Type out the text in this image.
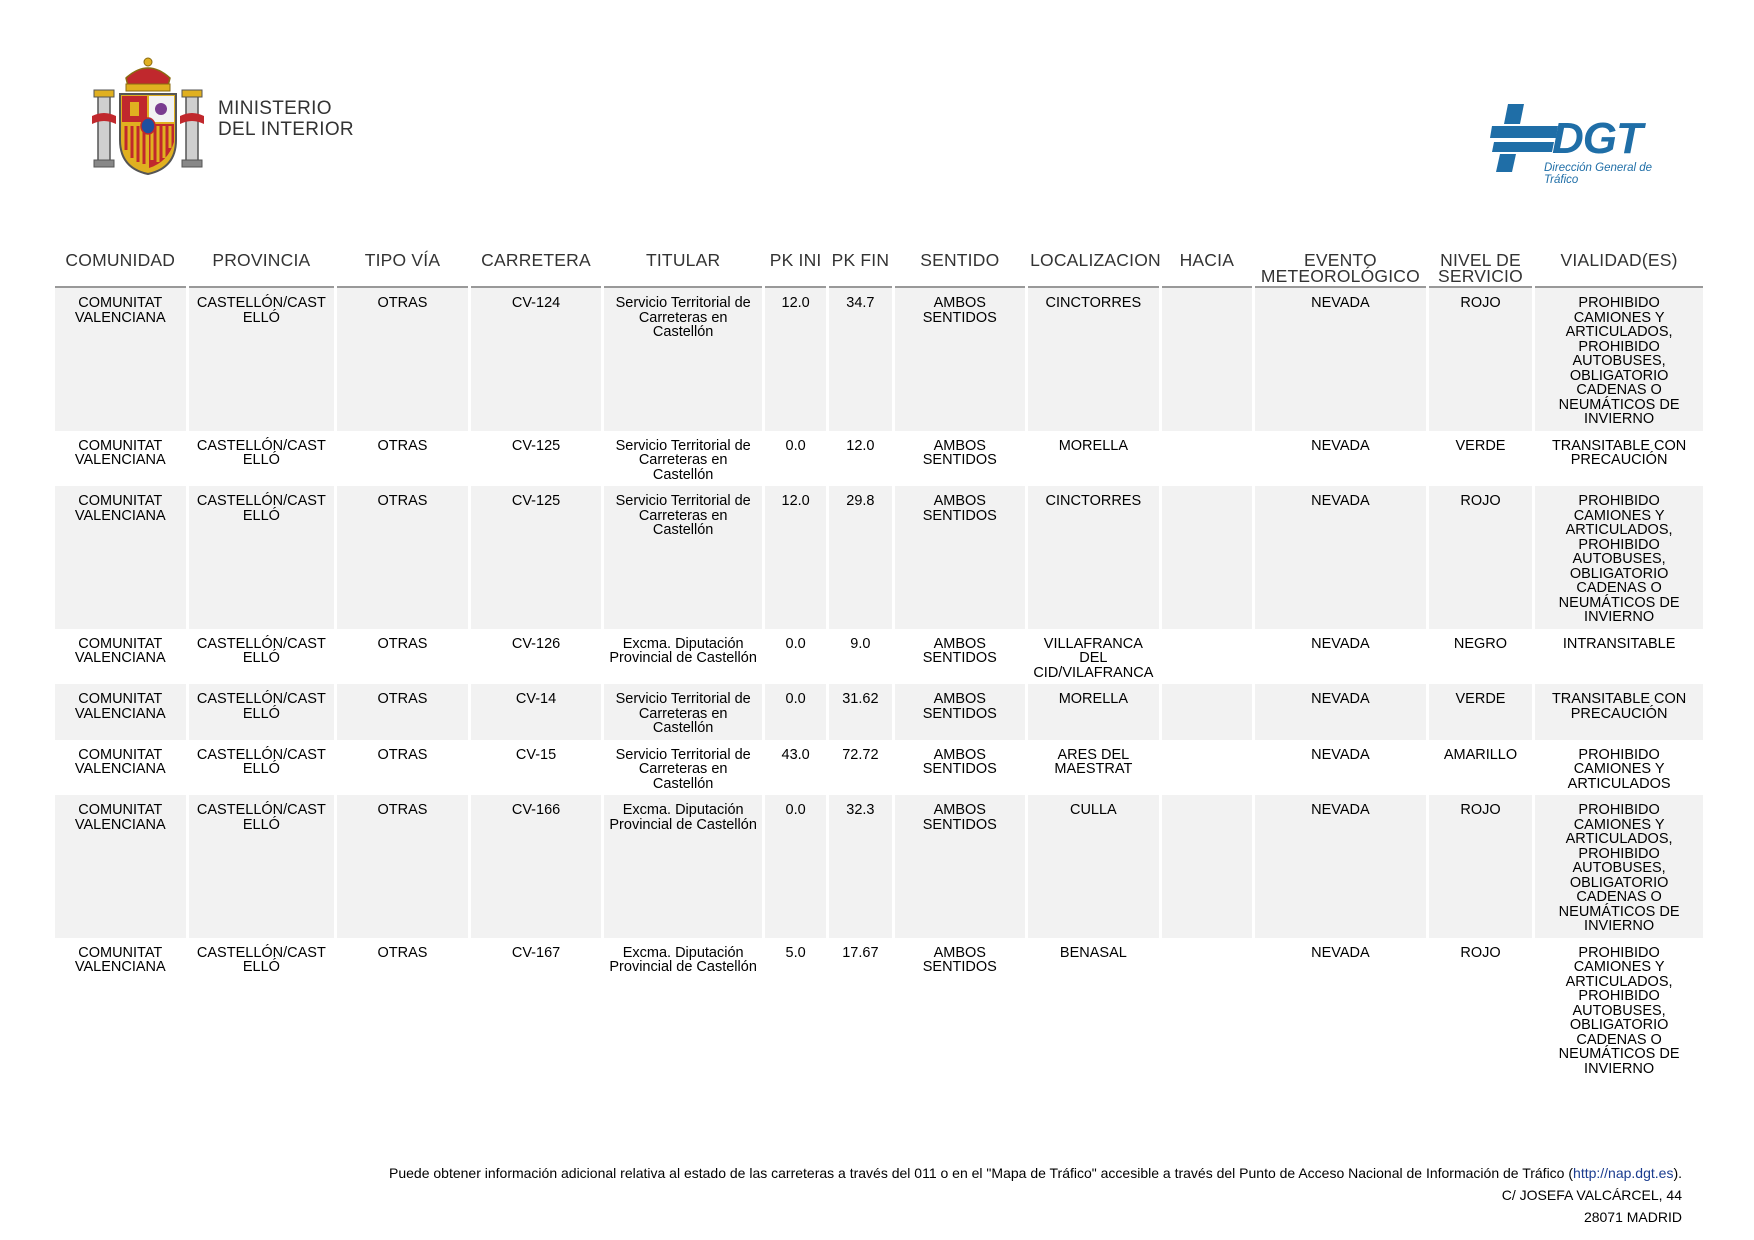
MINISTERIO
DEL INTERIOR	DGT
Dirección General de Tráfico
COMUNIDAD	PROVINCIA	TIPO VÍA	CARRETERA	TITULAR	PK INI	PK FIN	SENTIDO	LOCALIZACION	HACIA	EVENTO METEOROLÓGICO	NIVEL DE SERVICIO	VIALIDAD(ES)
COMUNITAT VALENCIANA	CASTELLÓN/CASTELLÓ	OTRAS	CV-124	Servicio Territorial de Carreteras en Castellón	12.0	34.7	AMBOS SENTIDOS	CINCTORRES		NEVADA	ROJO	PROHIBIDO CAMIONES Y ARTICULADOS, PROHIBIDO AUTOBUSES, OBLIGATORIO CADENAS O NEUMÁTICOS DE INVIERNO
COMUNITAT VALENCIANA	CASTELLÓN/CASTELLÓ	OTRAS	CV-125	Servicio Territorial de Carreteras en Castellón	0.0	12.0	AMBOS SENTIDOS	MORELLA		NEVADA	VERDE	TRANSITABLE CON PRECAUCIÓN
COMUNITAT VALENCIANA	CASTELLÓN/CASTELLÓ	OTRAS	CV-125	Servicio Territorial de Carreteras en Castellón	12.0	29.8	AMBOS SENTIDOS	CINCTORRES		NEVADA	ROJO	PROHIBIDO CAMIONES Y ARTICULADOS, PROHIBIDO AUTOBUSES, OBLIGATORIO CADENAS O NEUMÁTICOS DE INVIERNO
COMUNITAT VALENCIANA	CASTELLÓN/CASTELLÓ	OTRAS	CV-126	Excma. Diputación Provincial de Castellón	0.0	9.0	AMBOS SENTIDOS	VILLAFRANCA DEL CID/VILAFRANCA		NEVADA	NEGRO	INTRANSITABLE
COMUNITAT VALENCIANA	CASTELLÓN/CASTELLÓ	OTRAS	CV-14	Servicio Territorial de Carreteras en Castellón	0.0	31.62	AMBOS SENTIDOS	MORELLA		NEVADA	VERDE	TRANSITABLE CON PRECAUCIÓN
COMUNITAT VALENCIANA	CASTELLÓN/CASTELLÓ	OTRAS	CV-15	Servicio Territorial de Carreteras en Castellón	43.0	72.72	AMBOS SENTIDOS	ARES DEL MAESTRAT		NEVADA	AMARILLO	PROHIBIDO CAMIONES Y ARTICULADOS
COMUNITAT VALENCIANA	CASTELLÓN/CASTELLÓ	OTRAS	CV-166	Excma. Diputación Provincial de Castellón	0.0	32.3	AMBOS SENTIDOS	CULLA		NEVADA	ROJO	PROHIBIDO CAMIONES Y ARTICULADOS, PROHIBIDO AUTOBUSES, OBLIGATORIO CADENAS O NEUMÁTICOS DE INVIERNO
COMUNITAT VALENCIANA	CASTELLÓN/CASTELLÓ	OTRAS	CV-167	Excma. Diputación Provincial de Castellón	5.0	17.67	AMBOS SENTIDOS	BENASAL		NEVADA	ROJO	PROHIBIDO CAMIONES Y ARTICULADOS, PROHIBIDO AUTOBUSES, OBLIGATORIO CADENAS O NEUMÁTICOS DE INVIERNO
Puede obtener información adicional relativa al estado de las carreteras a través del 011 o en el "Mapa de Tráfico" accesible a través del Punto de Acceso Nacional de Información de Tráfico (http://nap.dgt.es).
C/ JOSEFA VALCÁRCEL, 44
28071 MADRID
